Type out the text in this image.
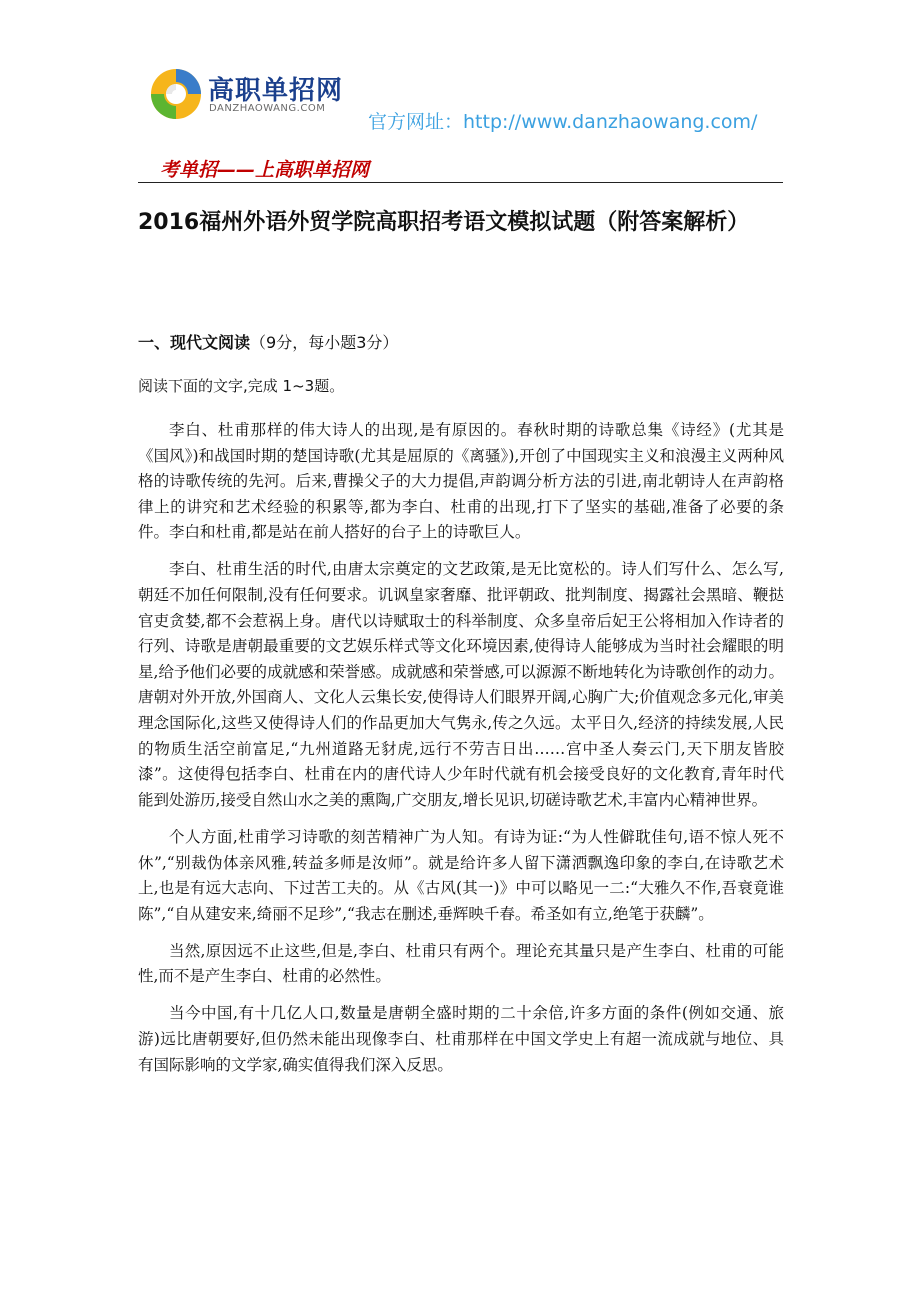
高职单招网
DANZHAOWANG.COM
官方网址：http://www.danzhaowang.com/
考单招——上高职单招网
2016福州外语外贸学院高职招考语文模拟试题（附答案解析）
一、现代文阅读（9分，每小题3分）
阅读下面的文字,完成 1~3题。

李白、杜甫那样的伟大诗人的出现,是有原因的。春秋时期的诗歌总集《诗经》(尤其是《国风》)和战国时期的楚国诗歌(尤其是屈原的《离骚》),开创了中国现实主义和浪漫主义两种风格的诗歌传统的先河。后来,曹操父子的大力提倡,声韵调分析方法的引进,南北朝诗人在声韵格律上的讲究和艺术经验的积累等,都为李白、杜甫的出现,打下了坚实的基础,准备了必要的条件。李白和杜甫,都是站在前人搭好的台子上的诗歌巨人。

李白、杜甫生活的时代,由唐太宗奠定的文艺政策,是无比宽松的。诗人们写什么、怎么写,朝廷不加任何限制,没有任何要求。讥讽皇家奢靡、批评朝政、批判制度、揭露社会黑暗、鞭挞官吏贪婪,都不会惹祸上身。唐代以诗赋取士的科举制度、众多皇帝后妃王公将相加入作诗者的行列、诗歌是唐朝最重要的文艺娱乐样式等文化环境因素,使得诗人能够成为当时社会耀眼的明星,给予他们必要的成就感和荣誉感。成就感和荣誉感,可以源源不断地转化为诗歌创作的动力。唐朝对外开放,外国商人、文化人云集长安,使得诗人们眼界开阔,心胸广大;价值观念多元化,审美理念国际化,这些又使得诗人们的作品更加大气隽永,传之久远。太平日久,经济的持续发展,人民的物质生活空前富足,“九州道路无豺虎,远行不劳吉日出……宫中圣人奏云门,天下朋友皆胶漆”。这使得包括李白、杜甫在内的唐代诗人少年时代就有机会接受良好的文化教育,青年时代能到处游历,接受自然山水之美的熏陶,广交朋友,增长见识,切磋诗歌艺术,丰富内心精神世界。

个人方面,杜甫学习诗歌的刻苦精神广为人知。有诗为证:“为人性僻耽佳句,语不惊人死不休”,“别裁伪体亲风雅,转益多师是汝师”。就是给许多人留下潇洒飘逸印象的李白,在诗歌艺术上,也是有远大志向、下过苦工夫的。从《古风(其一)》中可以略见一二:“大雅久不作,吾衰竟谁陈”,“自从建安来,绮丽不足珍”,“我志在删述,垂辉映千春。希圣如有立,绝笔于获麟”。

当然,原因远不止这些,但是,李白、杜甫只有两个。理论充其量只是产生李白、杜甫的可能性,而不是产生李白、杜甫的必然性。

当今中国,有十几亿人口,数量是唐朝全盛时期的二十余倍,许多方面的条件(例如交通、旅游)远比唐朝要好,但仍然未能出现像李白、杜甫那样在中国文学史上有超一流成就与地位、具有国际影响的文学家,确实值得我们深入反思。
